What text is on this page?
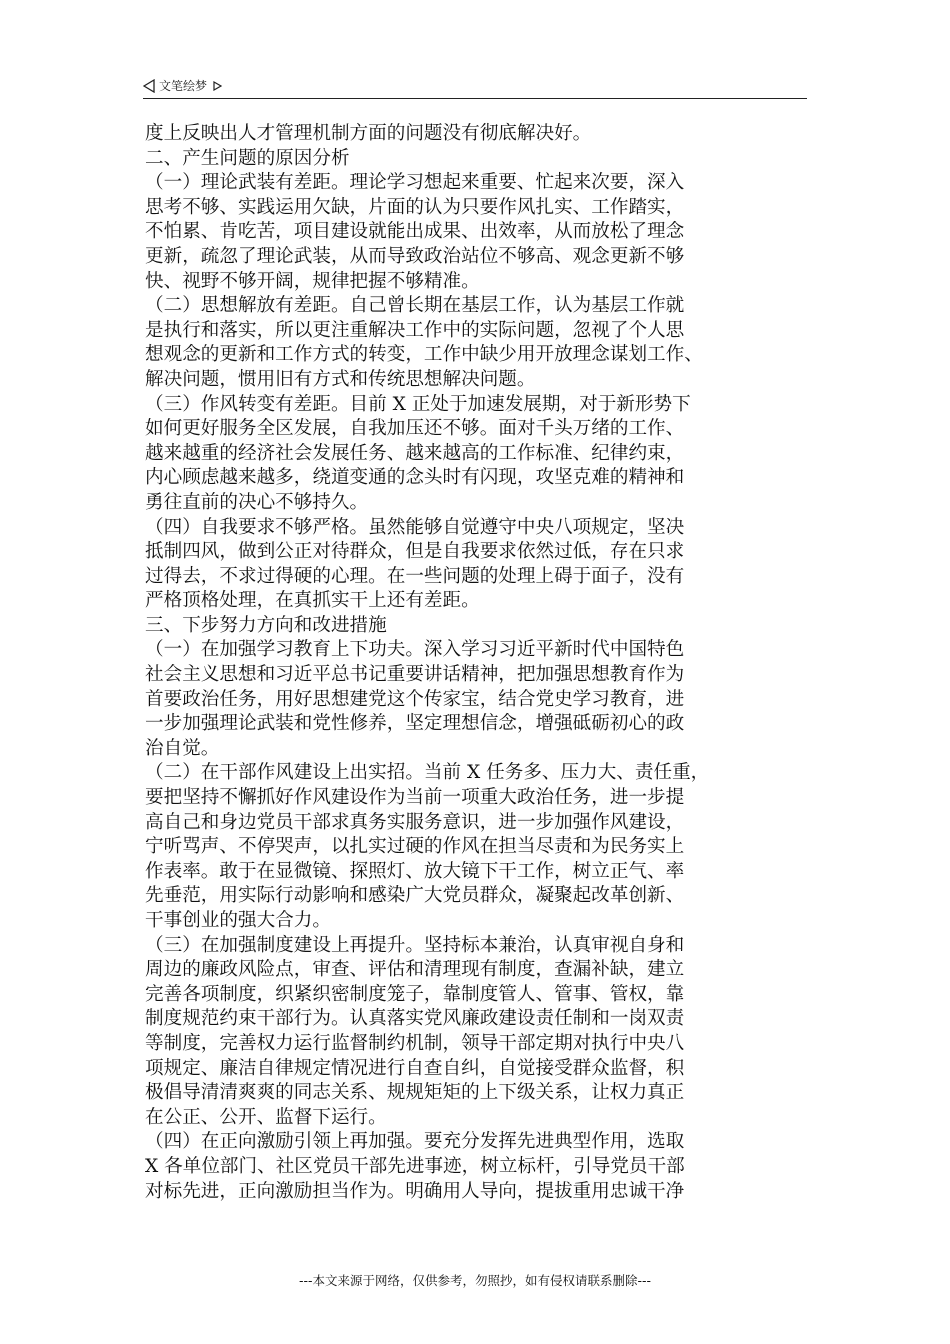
文笔绘梦
度上反映出人才管理机制方面的问题没有彻底解决好。
二、产生问题的原因分析
（一）理论武装有差距。理论学习想起来重要、忙起来次要，深入
思考不够、实践运用欠缺，片面的认为只要作风扎实、工作踏实，
不怕累、肯吃苦，项目建设就能出成果、出效率，从而放松了理念
更新，疏忽了理论武装，从而导致政治站位不够高、观念更新不够
快、视野不够开阔，规律把握不够精准。
（二）思想解放有差距。自己曾长期在基层工作，认为基层工作就
是执行和落实，所以更注重解决工作中的实际问题，忽视了个人思
想观念的更新和工作方式的转变，工作中缺少用开放理念谋划工作、
解决问题，惯用旧有方式和传统思想解决问题。
（三）作风转变有差距。目前 X 正处于加速发展期，对于新形势下
如何更好服务全区发展，自我加压还不够。面对千头万绪的工作、
越来越重的经济社会发展任务、越来越高的工作标准、纪律约束，
内心顾虑越来越多，绕道变通的念头时有闪现，攻坚克难的精神和
勇往直前的决心不够持久。
（四）自我要求不够严格。虽然能够自觉遵守中央八项规定，坚决
抵制四风，做到公正对待群众，但是自我要求依然过低，存在只求
过得去，不求过得硬的心理。在一些问题的处理上碍于面子，没有
严格顶格处理，在真抓实干上还有差距。
三、下步努力方向和改进措施
（一）在加强学习教育上下功夫。深入学习习近平新时代中国特色
社会主义思想和习近平总书记重要讲话精神，把加强思想教育作为
首要政治任务，用好思想建党这个传家宝，结合党史学习教育，进
一步加强理论武装和党性修养，坚定理想信念，增强砥砺初心的政
治自觉。
（二）在干部作风建设上出实招。当前 X 任务多、压力大、责任重，
要把坚持不懈抓好作风建设作为当前一项重大政治任务，进一步提
高自己和身边党员干部求真务实服务意识，进一步加强作风建设，
宁听骂声、不停哭声，以扎实过硬的作风在担当尽责和为民务实上
作表率。敢于在显微镜、探照灯、放大镜下干工作，树立正气、率
先垂范，用实际行动影响和感染广大党员群众，凝聚起改革创新、
干事创业的强大合力。
（三）在加强制度建设上再提升。坚持标本兼治，认真审视自身和
周边的廉政风险点，审查、评估和清理现有制度，查漏补缺，建立
完善各项制度，织紧织密制度笼子，靠制度管人、管事、管权，靠
制度规范约束干部行为。认真落实党风廉政建设责任制和一岗双责
等制度，完善权力运行监督制约机制，领导干部定期对执行中央八
项规定、廉洁自律规定情况进行自查自纠，自觉接受群众监督，积
极倡导清清爽爽的同志关系、规规矩矩的上下级关系，让权力真正
在公正、公开、监督下运行。
（四）在正向激励引领上再加强。要充分发挥先进典型作用，选取
X 各单位部门、社区党员干部先进事迹，树立标杆，引导党员干部
对标先进，正向激励担当作为。明确用人导向，提拔重用忠诚干净
---本文来源于网络，仅供参考，勿照抄，如有侵权请联系删除---
